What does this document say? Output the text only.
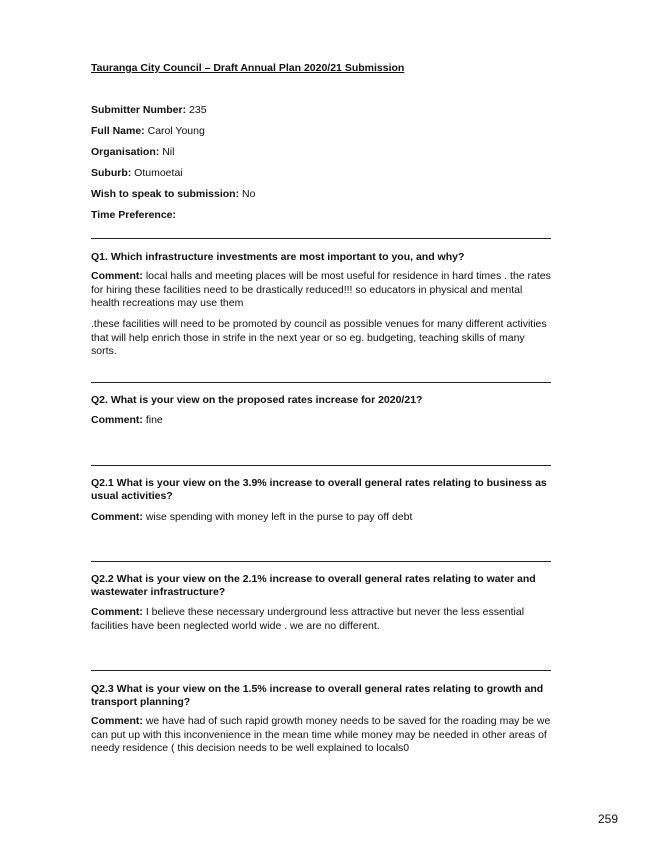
Tauranga City Council – Draft Annual Plan 2020/21 Submission
Submitter Number: 235
Full Name: Carol Young
Organisation: Nil
Suburb: Otumoetai
Wish to speak to submission: No
Time Preference:
Q1. Which infrastructure investments are most important to you, and why?
Comment: local halls and meeting places will be most useful for residence in hard times . the rates for hiring these facilities need to be drastically reduced!!! so educators in physical and mental health recreations may use them
.these facilities will need to be promoted by council as possible venues for many different activities that will help enrich those in strife in the next year or so eg. budgeting, teaching skills of many sorts.
Q2. What is your view on the proposed rates increase for 2020/21?
Comment: fine
Q2.1 What is your view on the 3.9% increase to overall general rates relating to business as usual activities?
Comment: wise spending with money left in the purse to pay off debt
Q2.2 What is your view on the 2.1% increase to overall general rates relating to water and wastewater infrastructure?
Comment: I believe these necessary underground less attractive but never the less essential facilities have been neglected world wide . we are no different.
Q2.3 What is your view on the 1.5% increase to overall general rates relating to growth and transport planning?
Comment: we have had of such rapid growth money needs to be saved for the roading may be we can put up with this inconvenience in the mean time while money may be needed in other areas of needy residence ( this decision needs to be well explained to locals0
259
